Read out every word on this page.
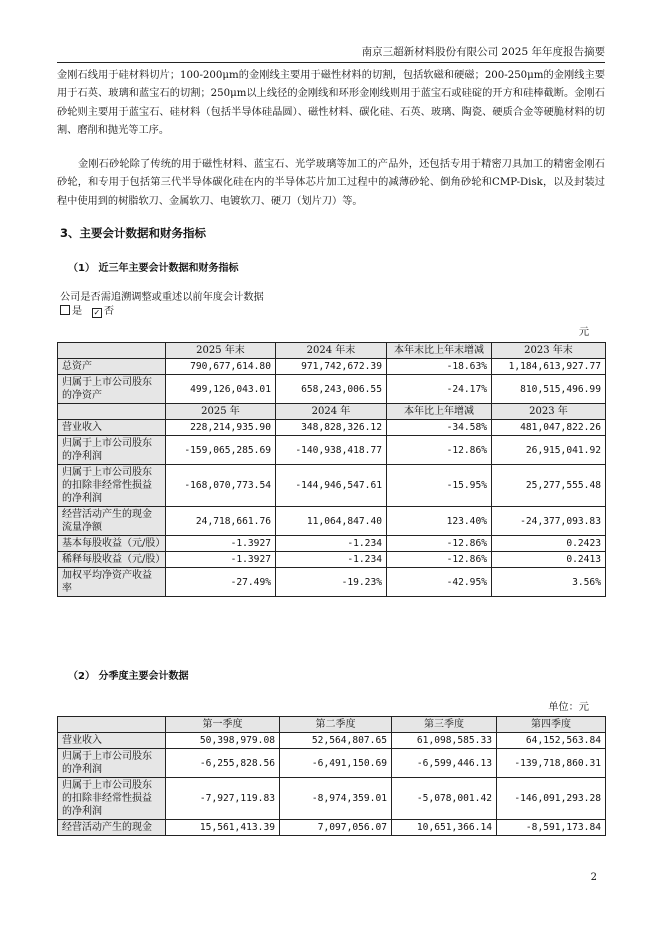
南京三超新材料股份有限公司 2025 年年度报告摘要

金刚石线用于硅材料切片；100-200μm的金刚线主要用于磁性材料的切割，包括软磁和硬磁；200-250μm的金刚线主要用于石英、玻璃和蓝宝石的切割；250μm以上线径的金刚线和环形金刚线则用于蓝宝石或硅碇的开方和硅棒截断。金刚石砂轮则主要用于蓝宝石、硅材料（包括半导体硅晶圆）、磁性材料、碳化硅、石英、玻璃、陶瓷、硬质合金等硬脆材料的切割、磨削和抛光等工序。

金刚石砂轮除了传统的用于磁性材料、蓝宝石、光学玻璃等加工的产品外，还包括专用于精密刀具加工的精密金刚石砂轮，和专用于包括第三代半导体碳化硅在内的半导体芯片加工过程中的减薄砂轮、倒角砂轮和CMP-Disk，以及封装过程中使用到的树脂软刀、金属软刀、电镀软刀、硬刀（划片刀）等。

3、主要会计数据和财务指标
（1） 近三年主要会计数据和财务指标
公司是否需追溯调整或重述以前年度会计数据
是 ✓ 否
元
	2025 年末	2024 年末	本年末比上年末增减	2023 年末
总资产	790,677,614.80	971,742,672.39	-18.63%	1,184,613,927.77
归属于上市公司股东的净资产	499,126,043.01	658,243,006.55	-24.17%	810,515,496.99
	2025 年	2024 年	本年比上年增减	2023 年
营业收入	228,214,935.90	348,828,326.12	-34.58%	481,047,822.26
归属于上市公司股东的净利润	-159,065,285.69	-140,938,418.77	-12.86%	26,915,041.92
归属于上市公司股东的扣除非经常性损益的净利润	-168,070,773.54	-144,946,547.61	-15.95%	25,277,555.48
经营活动产生的现金流量净额	24,718,661.76	11,064,847.40	123.40%	-24,377,093.83
基本每股收益（元/股）	-1.3927	-1.234	-12.86%	0.2423
稀释每股收益（元/股）	-1.3927	-1.234	-12.86%	0.2413
加权平均净资产收益率	-27.49%	-19.23%	-42.95%	3.56%
（2） 分季度主要会计数据
单位：元
	第一季度	第二季度	第三季度	第四季度
营业收入	50,398,979.08	52,564,807.65	61,098,585.33	64,152,563.84
归属于上市公司股东的净利润	-6,255,828.56	-6,491,150.69	-6,599,446.13	-139,718,860.31
归属于上市公司股东的扣除非经常性损益的净利润	-7,927,119.83	-8,974,359.01	-5,078,001.42	-146,091,293.28
经营活动产生的现金	15,561,413.39	7,097,056.07	10,651,366.14	-8,591,173.84
2
